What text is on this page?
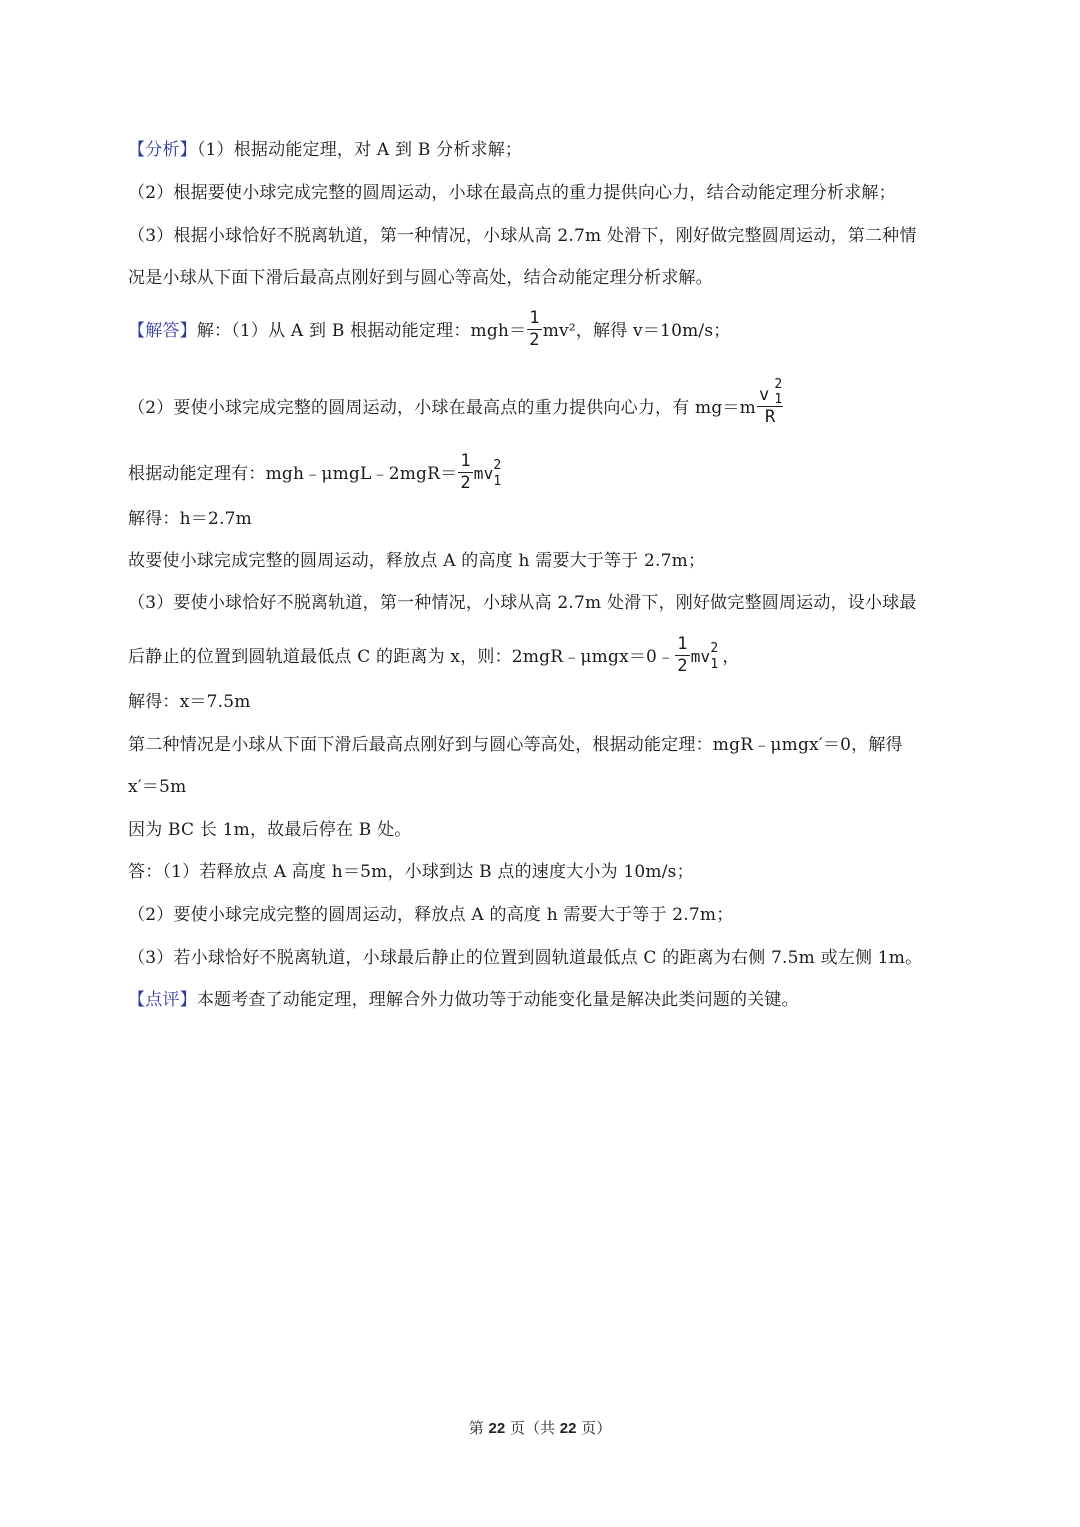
【分析】（1）根据动能定理，对 A 到 B 分析求解；
（2）根据要使小球完成完整的圆周运动，小球在最高点的重力提供向心力，结合动能定理分析求解；
（3）根据小球恰好不脱离轨道，第一种情况，小球从高 2.7m 处滑下，刚好做完整圆周运动，第二种情
况是小球从下面下滑后最高点刚好到与圆心等高处，结合动能定理分析求解。
【解答】解：（1）从 A 到 B 根据动能定理：$mgh= \frac{1}{2} mv^2$，解得 v＝10m/s；
（2）要使小球完成完整的圆周运动，小球在最高点的重力提供向心力，有 mg＝m v
2
1
R
根据动能定理有：mgh﹣μmgL﹣2mgR＝ $\frac{1}{2}$ mv 2
1
解得：h＝2.7m
故要使小球完成完整的圆周运动，释放点 A 的高度 h 需要大于等于 2.7m；
（3）要使小球恰好不脱离轨道，第一种情况，小球从高 2.7m 处滑下，刚好做完整圆周运动，设小球最
后静止的位置到圆轨道最低点 C 的距离为 x，则：2mgR﹣μmgx＝0﹣ $\frac{1}{2}$ mv 2
1 ，
解得：x＝7.5m
第二种情况是小球从下面下滑后最高点刚好到与圆心等高处，根据动能定理：mgR﹣μmgx′＝0，解得
x′＝5m
因为 BC 长 1m，故最后停在 B 处。
答：（1）若释放点 A 高度 h＝5m，小球到达 B 点的速度大小为 10m/s；
（2）要使小球完成完整的圆周运动，释放点 A 的高度 h 需要大于等于 2.7m；
（3）若小球恰好不脱离轨道，小球最后静止的位置到圆轨道最低点 C 的距离为右侧 7.5m 或左侧 1m。
【点评】本题考查了动能定理，理解合外力做功等于动能变化量是解决此类问题的关键。
第 22 页（共 22 页）
